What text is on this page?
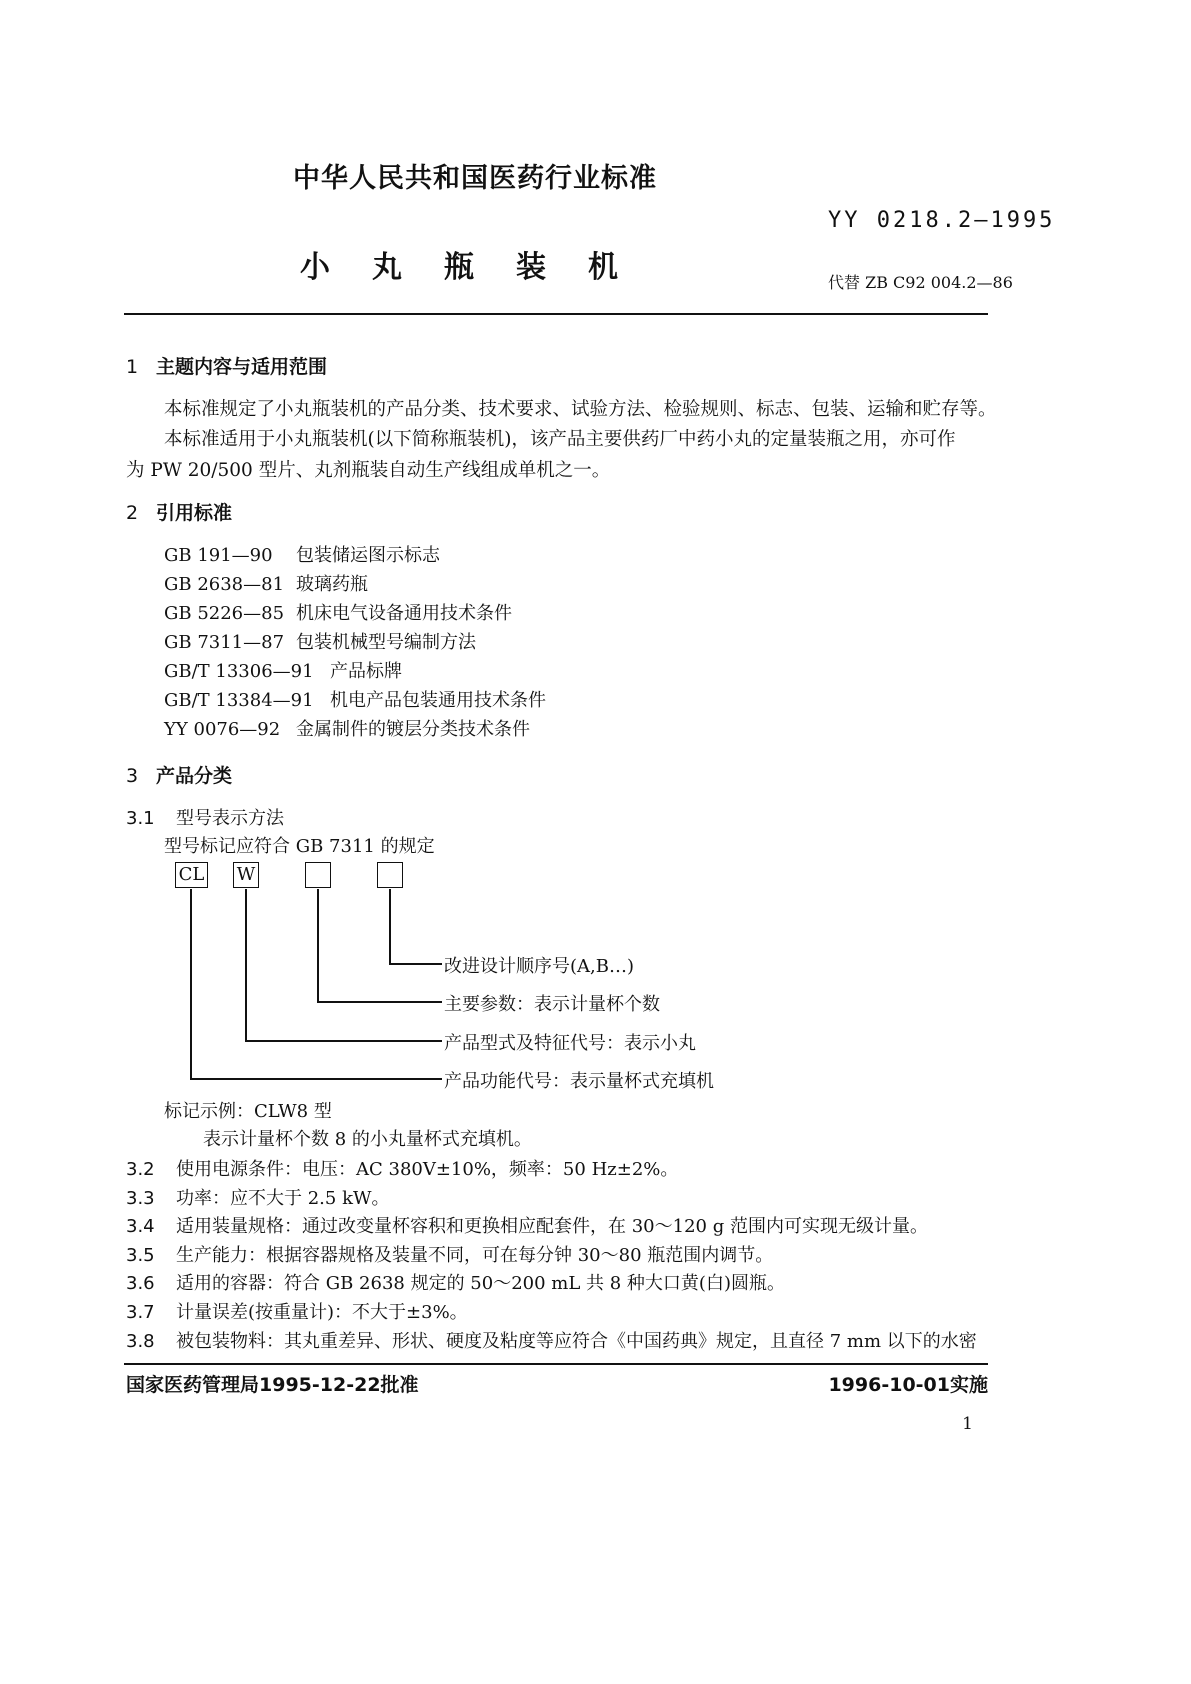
中华人民共和国医药行业标准
YY 0218.2—1995
小丸瓶装机	代替 ZB C92 004.2—86
1 主题内容与适用范围
本标准规定了小丸瓶装机的产品分类、技术要求、试验方法、检验规则、标志、包装、运输和贮存等。
本标准适用于小丸瓶装机(以下简称瓶装机)，该产品主要供药厂中药小丸的定量装瓶之用，亦可作
为 PW 20/500 型片、丸剂瓶装自动生产线组成单机之一。
2 引用标准
GB 191—90 包装储运图示标志
GB 2638—81 玻璃药瓶
GB 5226—85 机床电气设备通用技术条件
GB 7311—87 包装机械型号编制方法
GB/T 13306—91 产品标牌
GB/T 13384—91 机电产品包装通用技术条件
YY 0076—92 金属制件的镀层分类技术条件
3 产品分类
3.1 型号表示方法
型号标记应符合 GB 7311 的规定
CL W
改进设计顺序号(A,B…)
主要参数：表示计量杯个数
产品型式及特征代号：表示小丸
产品功能代号：表示量杯式充填机
标记示例：CLW8 型
表示计量杯个数 8 的小丸量杯式充填机。
3.2 使用电源条件：电压：AC 380V±10%，频率：50 Hz±2%。
3.3 功率：应不大于 2.5 kW。
3.4 适用装量规格：通过改变量杯容积和更换相应配套件，在 30～120 g 范围内可实现无级计量。
3.5 生产能力：根据容器规格及装量不同，可在每分钟 30～80 瓶范围内调节。
3.6 适用的容器：符合 GB 2638 规定的 50～200 mL 共 8 种大口黄(白)圆瓶。
3.7 计量误差(按重量计)：不大于±3%。
3.8 被包装物料：其丸重差异、形状、硬度及粘度等应符合《中国药典》规定，且直径 7 mm 以下的水密
国家医药管理局1995-12-22批准	1996-10-01实施
1
